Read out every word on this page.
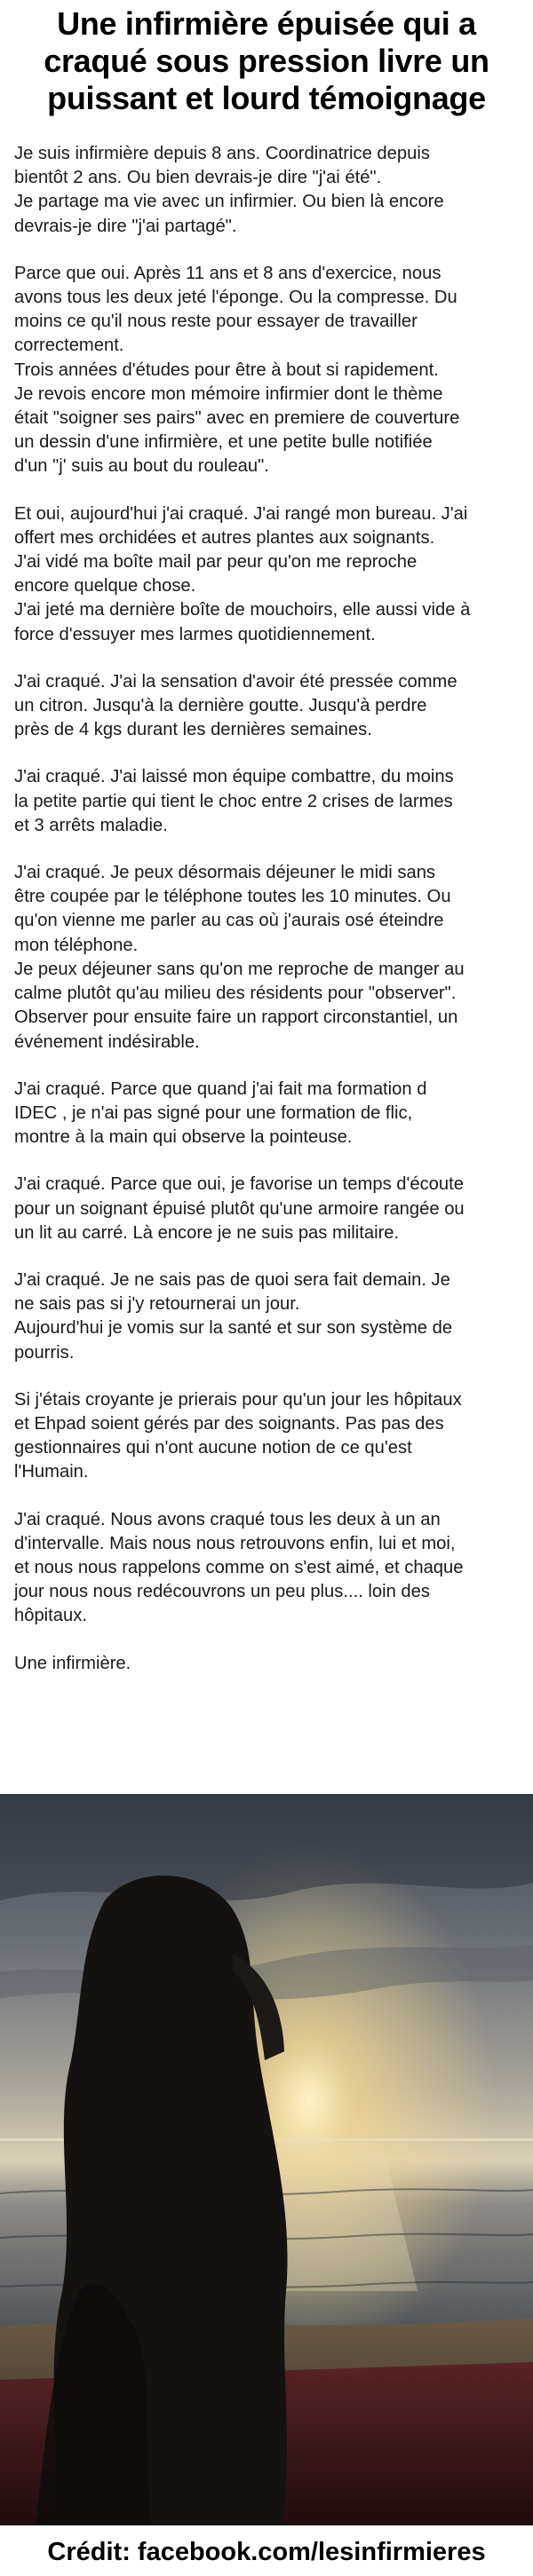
Une infirmière épuisée qui a
craqué sous pression livre un
puissant et lourd témoignage

Je suis infirmière depuis 8 ans. Coordinatrice depuis
bientôt 2 ans. Ou bien devrais-je dire "j'ai été".
Je partage ma vie avec un infirmier. Ou bien là encore
devrais-je dire "j'ai partagé".

Parce que oui. Après 11 ans et 8 ans d'exercice, nous
avons tous les deux jeté l'éponge. Ou la compresse. Du
moins ce qu'il nous reste pour essayer de travailler
correctement.
Trois années d'études pour être à bout si rapidement.
Je revois encore mon mémoire infirmier dont le thème
était "soigner ses pairs" avec en premiere de couverture
un dessin d'une infirmière, et une petite bulle notifiée
d'un "j' suis au bout du rouleau".

Et oui, aujourd'hui j'ai craqué. J'ai rangé mon bureau. J'ai
offert mes orchidées et autres plantes aux soignants.
J'ai vidé ma boîte mail par peur qu'on me reproche
encore quelque chose.
J'ai jeté ma dernière boîte de mouchoirs, elle aussi vide à
force d'essuyer mes larmes quotidiennement.

J'ai craqué. J'ai la sensation d'avoir été pressée comme
un citron. Jusqu'à la dernière goutte. Jusqu'à perdre
près de 4 kgs durant les dernières semaines.

J'ai craqué. J'ai laissé mon équipe combattre, du moins
la petite partie qui tient le choc entre 2 crises de larmes
et 3 arrêts maladie.

J'ai craqué. Je peux désormais déjeuner le midi sans
être coupée par le téléphone toutes les 10 minutes. Ou
qu'on vienne me parler au cas où j'aurais osé éteindre
mon téléphone.
Je peux déjeuner sans qu'on me reproche de manger au
calme plutôt qu'au milieu des résidents pour "observer".
Observer pour ensuite faire un rapport circonstantiel, un
événement indésirable.

J'ai craqué. Parce que quand j'ai fait ma formation d
IDEC , je n'ai pas signé pour une formation de flic,
montre à la main qui observe la pointeuse.

J'ai craqué. Parce que oui, je favorise un temps d'écoute
pour un soignant épuisé plutôt qu'une armoire rangée ou
un lit au carré. Là encore je ne suis pas militaire.

J'ai craqué. Je ne sais pas de quoi sera fait demain. Je
ne sais pas si j'y retournerai un jour.
Aujourd'hui je vomis sur la santé et sur son système de
pourris.

Si j'étais croyante je prierais pour qu'un jour les hôpitaux
et Ehpad soient gérés par des soignants. Pas pas des
gestionnaires qui n'ont aucune notion de ce qu'est
l'Humain.

J'ai craqué. Nous avons craqué tous les deux à un an
d'intervalle. Mais nous nous retrouvons enfin, lui et moi,
et nous nous rappelons comme on s'est aimé, et chaque
jour nous nous redécouvrons un peu plus.... loin des
hôpitaux.

Une infirmière.

Crédit: facebook.com/lesinfirmieres
